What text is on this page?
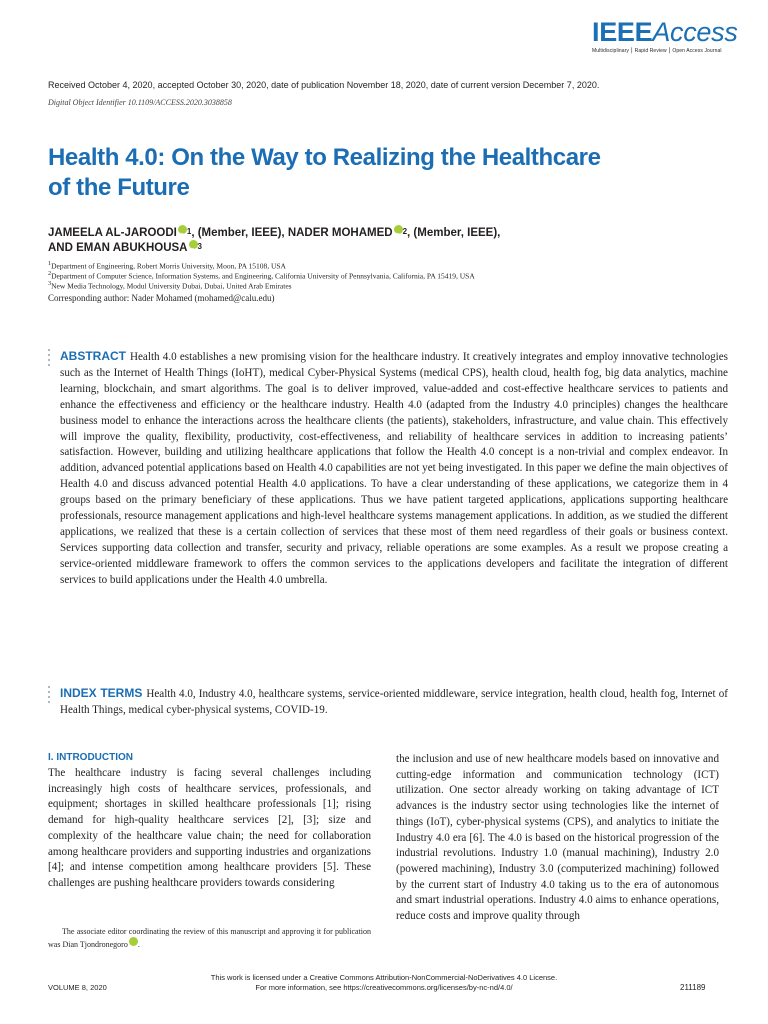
IEEEAccess
Multidisciplinary ⎮ Rapid Review ⎮ Open Access Journal
Received October 4, 2020, accepted October 30, 2020, date of publication November 18, 2020, date of current version December 7, 2020.
Digital Object Identifier 10.1109/ACCESS.2020.3038858
Health 4.0: On the Way to Realizing the Healthcare of the Future
JAMEELA AL-JAROODI iD $^1$, (Member, IEEE), NADER MOHAMED iD $^2$, (Member, IEEE),
AND EMAN ABUKHOUSA iD $^3$
$^1$Department of Engineering, Robert Morris University, Moon, PA 15108, USA
$^2$Department of Computer Science, Information Systems, and Engineering, California University of Pennsylvania, California, PA 15419, USA
$^3$New Media Technology, Modul University Dubai, Dubai, United Arab Emirates
Corresponding author: Nader Mohamed (mohamed@calu.edu)
ABSTRACT Health 4.0 establishes a new promising vision for the healthcare industry. It creatively integrates and employ innovative technologies such as the Internet of Health Things (IoHT), medical Cyber-Physical Systems (medical CPS), health cloud, health fog, big data analytics, machine learning, blockchain, and smart algorithms. The goal is to deliver improved, value-added and cost-effective healthcare services to patients and enhance the effectiveness and efficiency or the healthcare industry. Health 4.0 (adapted from the Industry 4.0 principles) changes the healthcare business model to enhance the interactions across the healthcare clients (the patients), stakeholders, infrastructure, and value chain. This effectively will improve the quality, flexibility, productivity, cost-effectiveness, and reliability of healthcare services in addition to increasing patients’ satisfaction. However, building and utilizing healthcare applications that follow the Health 4.0 concept is a non-trivial and complex endeavor. In addition, advanced potential applications based on Health 4.0 capabilities are not yet being investigated. In this paper we define the main objectives of Health 4.0 and discuss advanced potential Health 4.0 applications. To have a clear understanding of these applications, we categorize them in 4 groups based on the primary beneficiary of these applications. Thus we have patient targeted applications, applications supporting healthcare professionals, resource management applications and high-level healthcare systems management applications. In addition, as we studied the different applications, we realized that these is a certain collection of services that these most of them need regardless of their goals or business context. Services supporting data collection and transfer, security and privacy, reliable operations are some examples. As a result we propose creating a service-oriented middleware framework to offers the common services to the applications developers and facilitate the integration of different services to build applications under the Health 4.0 umbrella.
INDEX TERMS Health 4.0, Industry 4.0, healthcare systems, service-oriented middleware, service integration, health cloud, health fog, Internet of Health Things, medical cyber-physical systems, COVID-19.
I. INTRODUCTION
The healthcare industry is facing several challenges including increasingly high costs of healthcare services, professionals, and equipment; shortages in skilled healthcare professionals [1]; rising demand for high-quality healthcare services [2], [3]; size and complexity of the healthcare value chain; the need for collaboration among healthcare providers and supporting industries and organizations [4]; and intense competition among healthcare providers [5]. These challenges are pushing healthcare providers towards considering
The associate editor coordinating the review of this manuscript and approving it for publication was Dian TjondronegoroiD
the inclusion and use of new healthcare models based on innovative and cutting-edge information and communication technology (ICT) utilization. One sector already working on taking advantage of ICT advances is the industry sector using technologies like the internet of things (IoT), cyber-physical systems (CPS), and analytics to initiate the Industry 4.0 era [6]. The 4.0 is based on the historical progression of the industrial revolutions. Industry 1.0 (manual machining), Industry 2.0 (powered machining), Industry 3.0 (computerized machining) followed by the current start of Industry 4.0 taking us to the era of autonomous and smart industrial operations. Industry 4.0 aims to enhance operations, reduce costs and improve quality through
VOLUME 8, 2020
This work is licensed under a Creative Commons Attribution-NonCommercial-NoDerivatives 4.0 License.
For more information, see https://creativecommons.org/licenses/by-nc-nd/4.0/	211189
